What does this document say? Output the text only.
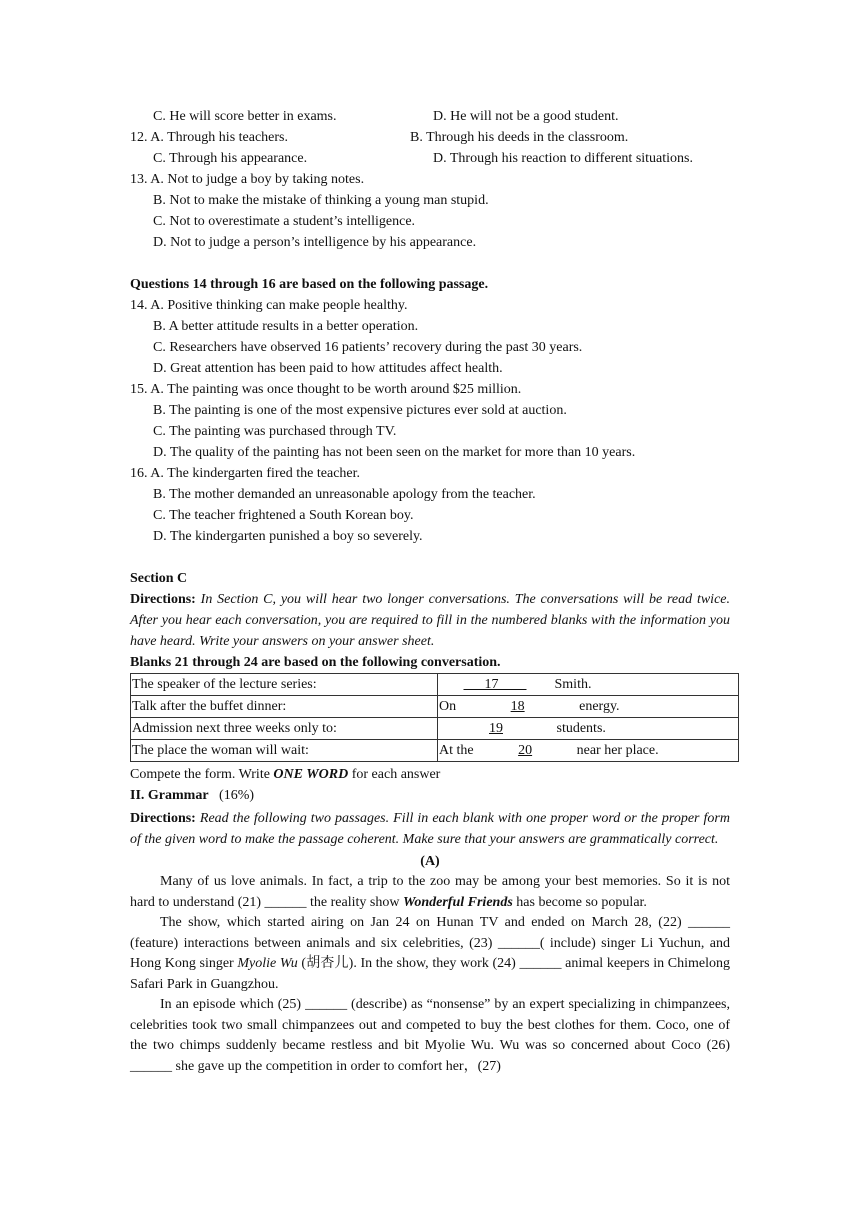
C. He will score better in exams.	D. He will not be a good student.
12. A. Through his teachers.	B. Through his deeds in the classroom.
C. Through his appearance.	D. Through his reaction to different situations.
13. A. Not to judge a boy by taking notes.
B. Not to make the mistake of thinking a young man stupid.
C. Not to overestimate a student’s intelligence.
D. Not to judge a person’s intelligence by his appearance.
Questions 14 through 16 are based on the following passage.
14. A. Positive thinking can make people healthy.
B. A better attitude results in a better operation.
C. Researchers have observed 16 patients’ recovery during the past 30 years.
D. Great attention has been paid to how attitudes affect health.
15. A. The painting was once thought to be worth around $25 million.
B. The painting is one of the most expensive pictures ever sold at auction.
C. The painting was purchased through TV.
D. The quality of the painting has not been seen on the market for more than 10 years.
16. A. The kindergarten fired the teacher.
B. The mother demanded an unreasonable apology from the teacher.
C. The teacher frightened a South Korean boy.
D. The kindergarten punished a boy so severely.
Section C
Directions: In Section C, you will hear two longer conversations. The conversations will be read twice. After you hear each conversation, you are required to fill in the numbered blanks with the information you have heard. Write your answers on your answer sheet.
Blanks 21 through 24 are based on the following conversation.
The speaker of the lecture series:	17 Smith.
Talk after the buffet dinner:	On 18 energy.
Admission next three weeks only to:	19 students.
The place the woman will wait:	At the 20 near her place.
Compete the form. Write ONE WORD for each answer
II. Grammar (16%)
Directions: Read the following two passages. Fill in each blank with one proper word or the proper form of the given word to make the passage coherent. Make sure that your answers are grammatically correct.
(A)
Many of us love animals. In fact, a trip to the zoo may be among your best memories. So it is not hard to understand (21) ______ the reality show Wonderful Friends has become so popular.
The show, which started airing on Jan 24 on Hunan TV and ended on March 28, (22) ______ (feature) interactions between animals and six celebrities, (23) ______( include) singer Li Yuchun, and Hong Kong singer Myolie Wu (胡杏儿). In the show, they work (24) ______ animal keepers in Chimelong Safari Park in Guangzhou.
In an episode which (25) ______ (describe) as “nonsense” by an expert specializing in chimpanzees, celebrities took two small chimpanzees out and competed to buy the best clothes for them. Coco, one of the two chimps suddenly became restless and bit Myolie Wu. Wu was so concerned about Coco (26) ______ she gave up the competition in order to comfort her，(27)
